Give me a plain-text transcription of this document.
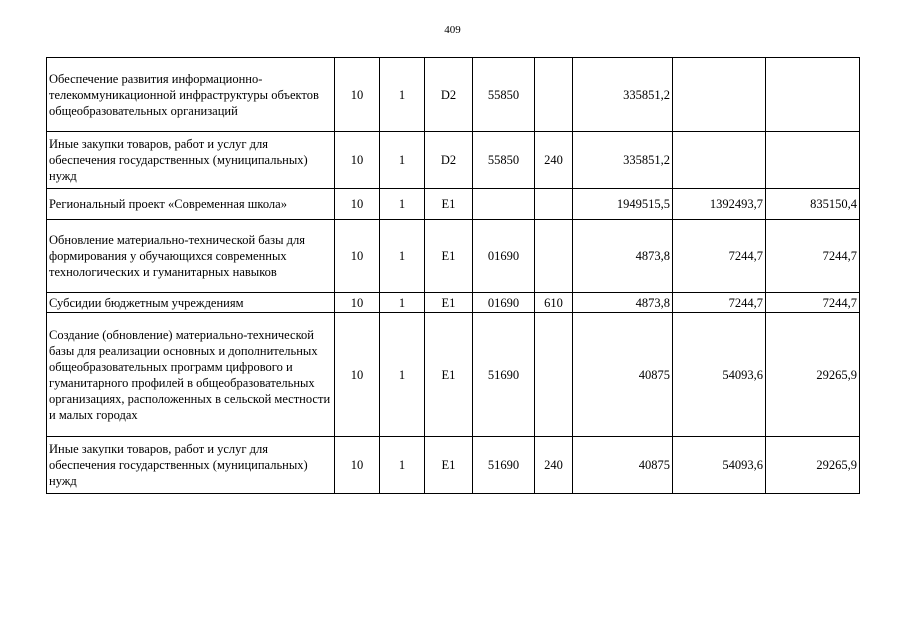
409
Обеспечение развития информационно-телекоммуникационной инфраструктуры объектов общеобразовательных организаций	10	1	D2	55850		335851,2		
Иные закупки товаров, работ и услуг для обеспечения государственных (муниципальных) нужд	10	1	D2	55850	240	335851,2		
Региональный проект «Современная школа»	10	1	E1			1949515,5	1392493,7	835150,4
Обновление материально-технической базы для формирования у обучающихся современных технологических и гуманитарных навыков	10	1	E1	01690		4873,8	7244,7	7244,7
Субсидии бюджетным учреждениям	10	1	E1	01690	610	4873,8	7244,7	7244,7
Создание (обновление) материально-технической базы для реализации основных и дополнительных общеобразовательных программ цифрового и гуманитарного профилей в общеобразовательных организациях, расположенных в сельской местности и малых городах	10	1	E1	51690		40875	54093,6	29265,9
Иные закупки товаров, работ и услуг для обеспечения государственных (муниципальных) нужд	10	1	E1	51690	240	40875	54093,6	29265,9
